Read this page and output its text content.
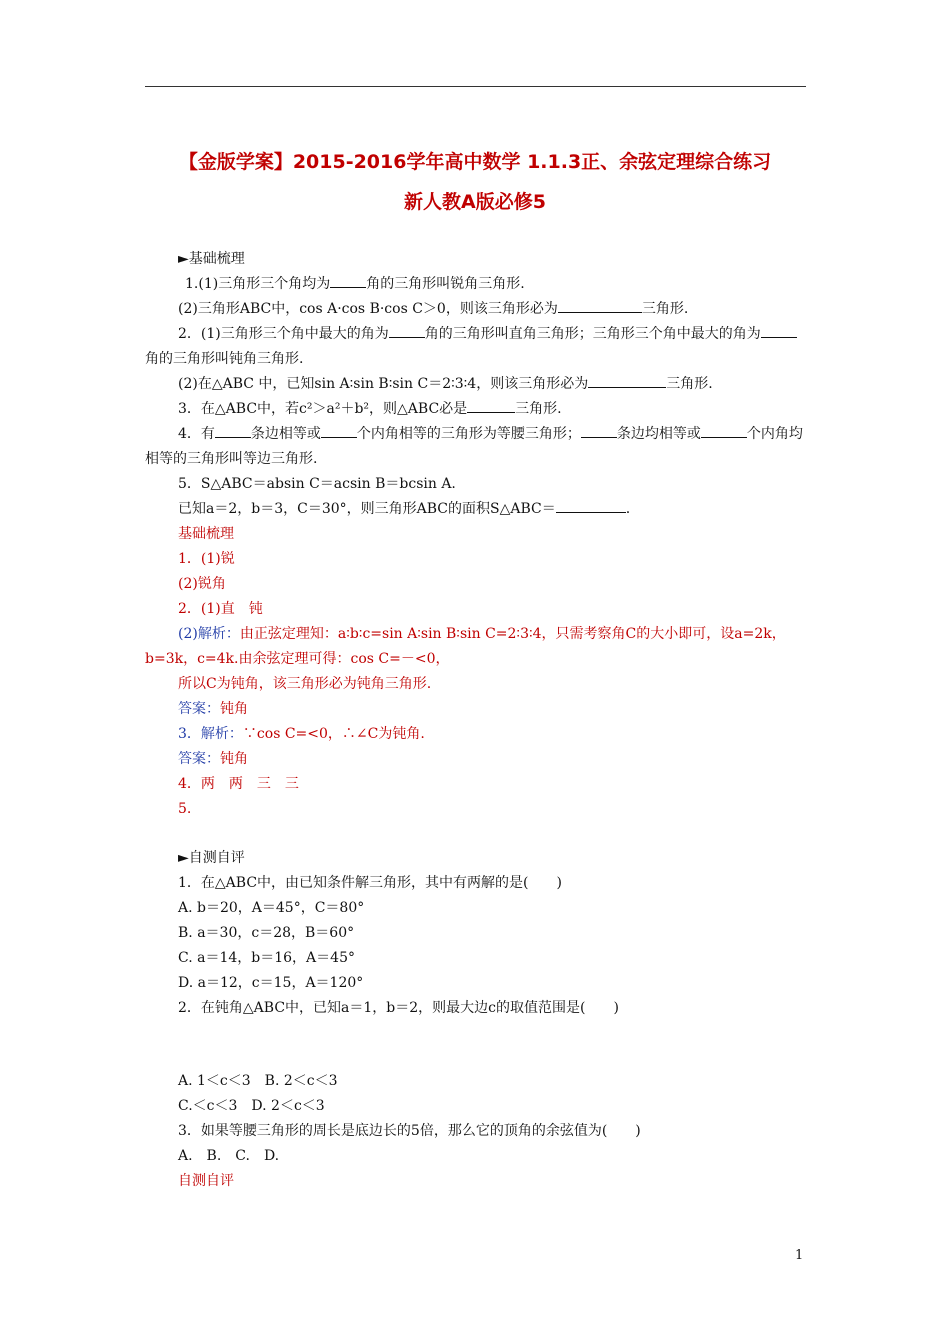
【金版学案】2015-2016学年高中数学 1.1.3正、余弦定理综合练习
新人教A版必修5

►基础梳理

1.(1)三角形三个角均为	角的三角形叫锐角三角形.

(2)三角形ABC中，cos A·cos B·cos C＞0，则该三角形必为	三角形.

2．(1)三角形三个角中最大的角为	角的三角形叫直角三角形；三角形三个角中最大的角为角的三角形叫钝角三角形.

(2)在△ABC 中，已知sin A∶sin B∶sin C＝2∶3∶4，则该三角形必为	三角形.

3．在△ABC中，若c²＞a²＋b²，则△ABC必是	三角形.

4．有	条边相等或	个内角相等的三角形为等腰三角形；	条边均相等或	个内角均相等的三角形叫等边三角形.

5．S△ABC＝absin C＝acsin B＝bcsin A.

已知a＝2，b＝3，C＝30°，则三角形ABC的面积S△ABC＝	.

基础梳理

1．(1)锐

(2)锐角

2．(1)直　钝

(2)解析：由正弦定理知：a∶b∶c=sin A∶sin B∶sin C=2∶3∶4，只需考察角C的大小即可，设a=2k，b=3k，c=4k.由余弦定理可得：cos C=－<0，

所以C为钝角，该三角形必为钝角三角形.

答案：钝角

3．解析：∵cos C=<0，∴∠C为钝角.

答案：钝角

4．两　两　三　三

5.

►自测自评

1．在△ABC中，由已知条件解三角形，其中有两解的是(　　)

A. b＝20，A＝45°，C＝80°

B. a＝30，c＝28，B＝60°

C. a＝14，b＝16，A＝45°

D. a＝12，c＝15，A＝120°

2．在钝角△ABC中，已知a＝1，b＝2，则最大边c的取值范围是(　　)

A. 1＜c＜3　B. 2＜c＜3

C.＜c＜3　D. 2＜c＜3

3．如果等腰三角形的周长是底边长的5倍，那么它的顶角的余弦值为(　　)

A.　B.　C.　D.

自测自评

1
